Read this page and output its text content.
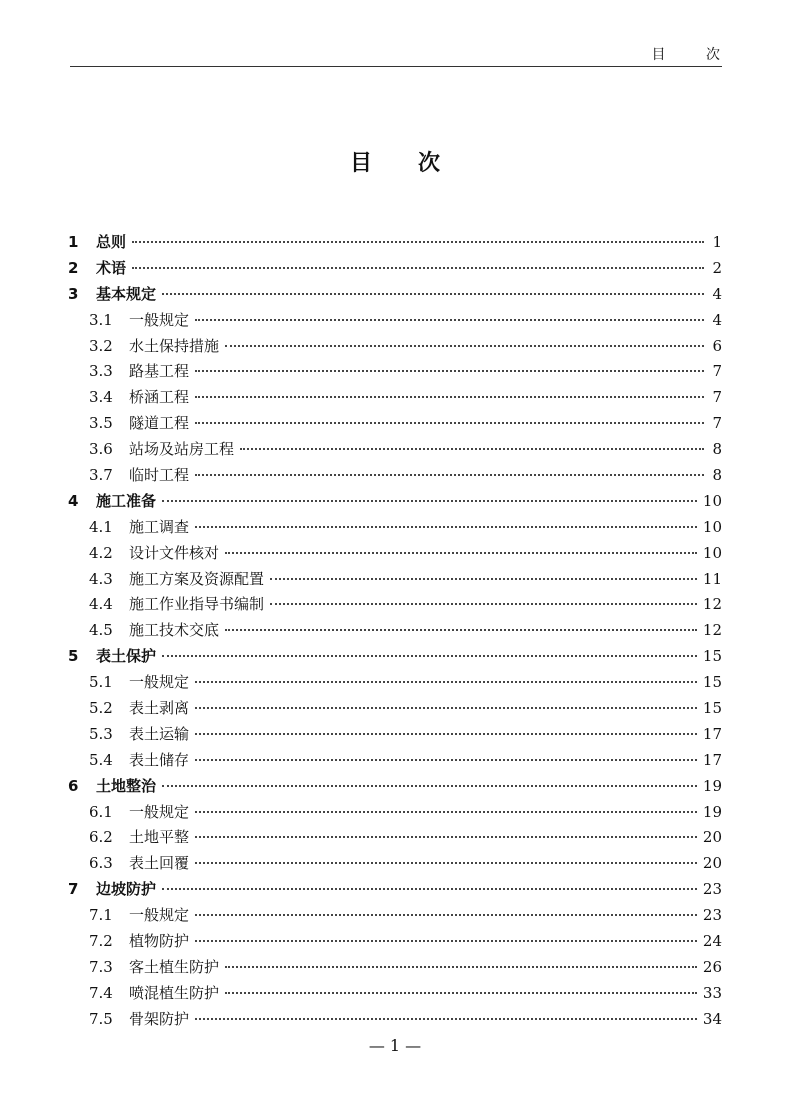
目 次
目次
1	总则	1
2	术语	2
3	基本规定	4
3.1	一般规定	4
3.2	水土保持措施	6
3.3	路基工程	7
3.4	桥涵工程	7
3.5	隧道工程	7
3.6	站场及站房工程	8
3.7	临时工程	8
4	施工准备	10
4.1	施工调查	10
4.2	设计文件核对	10
4.3	施工方案及资源配置	11
4.4	施工作业指导书编制	12
4.5	施工技术交底	12
5	表土保护	15
5.1	一般规定	15
5.2	表土剥离	15
5.3	表土运输	17
5.4	表土储存	17
6	土地整治	19
6.1	一般规定	19
6.2	土地平整	20
6.3	表土回覆	20
7	边坡防护	23
7.1	一般规定	23
7.2	植物防护	24
7.3	客土植生防护	26
7.4	喷混植生防护	33
7.5	骨架防护	34
— 1 —
